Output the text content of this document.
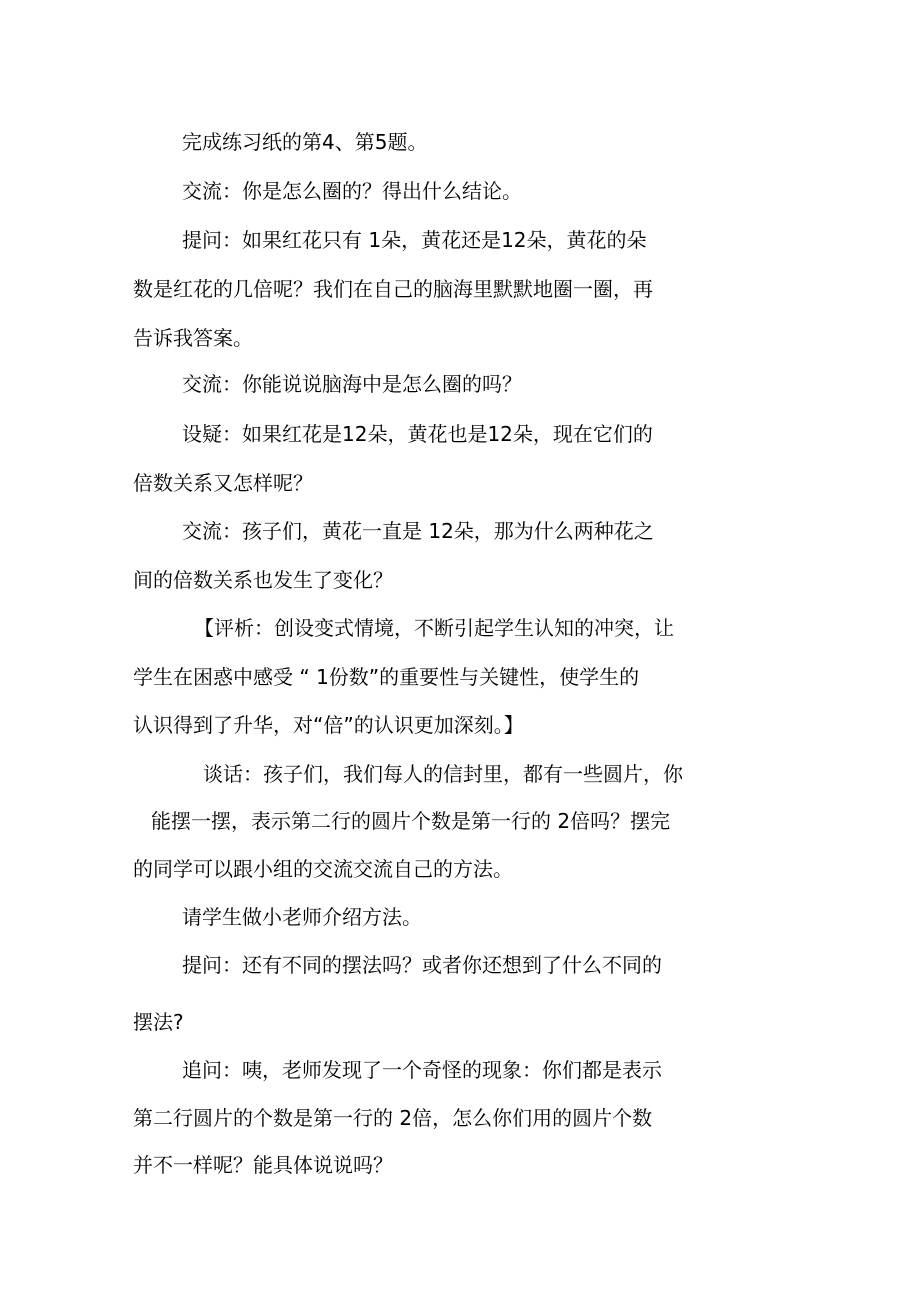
完成练习纸的第4、第5题。
交流：你是怎么圈的？得出什么结论。
提问：如果红花只有 1朵，黄花还是12朵，黄花的朵
数是红花的几倍呢？我们在自己的脑海里默默地圈一圈，再
告诉我答案。
交流：你能说说脑海中是怎么圈的吗？
设疑：如果红花是12朵，黄花也是12朵，现在它们的
倍数关系又怎样呢？
交流：孩子们，黄花一直是 12朵，那为什么两种花之
间的倍数关系也发生了变化？
【评析：创设变式情境，不断引起学生认知的冲突，让
学生在困惑中感受 “ 1份数”的重要性与关键性，使学生的
认识得到了升华，对“倍”的认识更加深刻。】
谈话：孩子们，我们每人的信封里，都有一些圆片，你
能摆一摆，表示第二行的圆片个数是第一行的 2倍吗？摆完
的同学可以跟小组的交流交流自己的方法。
请学生做小老师介绍方法。
提问：还有不同的摆法吗？或者你还想到了什么不同的
摆法?
追问：咦，老师发现了一个奇怪的现象：你们都是表示
第二行圆片的个数是第一行的 2倍，怎么你们用的圆片个数
并不一样呢？能具体说说吗？
